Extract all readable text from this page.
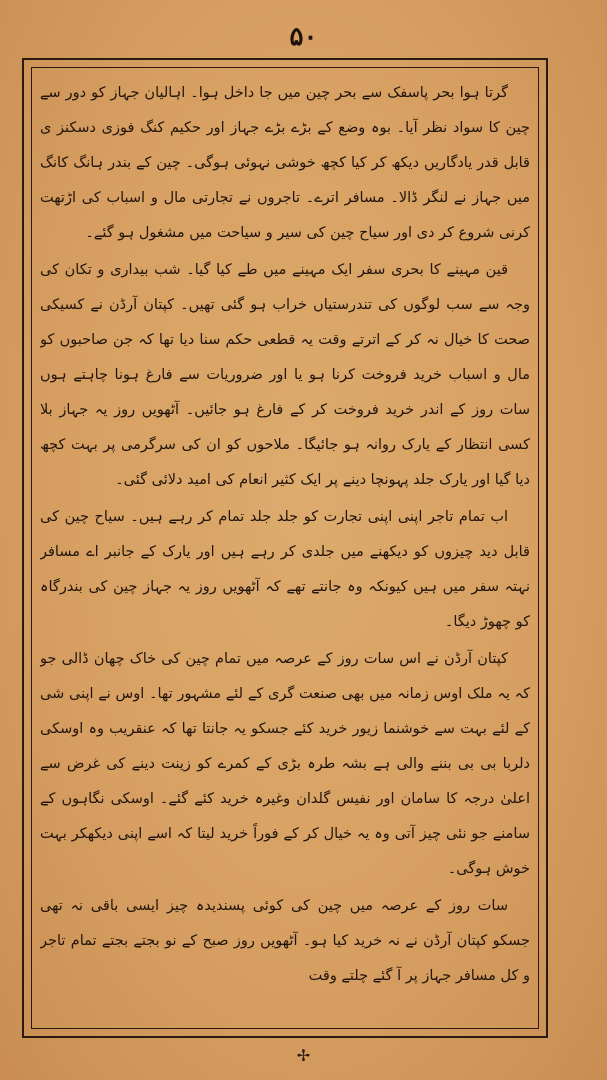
۵۰

گرتا ہوا بحر پاسفک سے بحر چین میں جا داخل ہوا۔ اہالیان جہاز کو دور سے چین کا سواد نظر آیا۔ بوہ وضع کے بڑے بڑے جہاز اور حکیم کنگ فوزی دسکنز ی قابل قدر یادگاریں دیکھ کر کیا کچھ خوشی نہوئی ہوگی۔ چین کے بندر ہانگ کانگ میں جہاز نے لنگر ڈالا۔ مسافر اترے۔ تاجروں نے تجارتی مال و اسباب کی اڑتھت کرنی شروع کر دی اور سیاح چین کی سیر و سیاحت میں مشغول ہو گئے۔

قین مہینے کا بحری سفر ایک مہینے میں طے کیا گیا۔ شب بیداری و تکان کی وجہ سے سب لوگوں کی تندرستیاں خراب ہو گئی تھیں۔ کپتان آرڈن نے کسیکی صحت کا خیال نہ کر کے اترتے وقت یہ قطعی حکم سنا دیا تھا کہ جن صاحبوں کو مال و اسباب خرید فروخت کرنا ہو یا اور ضروریات سے فارغ ہونا چاہتے ہوں سات روز کے اندر خرید فروخت کر کے فارغ ہو جائیں۔ آٹھویں روز یہ جہاز بلا کسی انتظار کے یارک روانہ ہو جائیگا۔ ملاحوں کو ان کی سرگرمی پر بہت کچھ دیا گیا اور یارک جلد پہونچا دینے پر ایک کثیر انعام کی امید دلائی گئی۔

اب تمام تاجر اپنی اپنی تجارت کو جلد جلد تمام کر رہے ہیں۔ سیاح چین کی قابل دید چیزوں کو دیکھنے میں جلدی کر رہے ہیں اور یارک کے جانبر اے مسافر نہتہ سفر میں ہیں کیونکہ وہ جانتے تھے کہ آٹھویں روز یہ جہاز چین کی بندرگاہ کو چھوڑ دیگا۔

کپتان آرڈن نے اس سات روز کے عرصہ میں تمام چین کی خاک چھان ڈالی جو کہ یہ ملک اوس زمانہ میں بھی صنعت گری کے لئے مشہور تھا۔ اوس نے اپنی شی کے لئے بہت سے خوشنما زیور خرید کئے جسکو یہ جانتا تھا کہ عنقریب وہ اوسکی دلربا بی بی بننے والی ہے بشہ طرہ بڑی کے کمرے کو زینت دینے کی غرض سے اعلیٰ درجہ کا سامان اور نفیس گلدان وغیرہ خرید کئے گئے۔ اوسکی نگاہوں کے سامنے جو نئی چیز آتی وہ یہ خیال کر کے فوراً خرید لیتا کہ اسے اپنی دیکھکر بہت خوش ہوگی۔

سات روز کے عرصہ میں چین کی کوئی پسندیدہ چیز ایسی باقی نہ تھی جسکو کپتان آرڈن نے نہ خرید کیا ہو۔ آٹھویں روز صبح کے نو بجتے بجتے تمام تاجر و کل مسافر جہاز پر آ گئے چلتے وقت

✢
